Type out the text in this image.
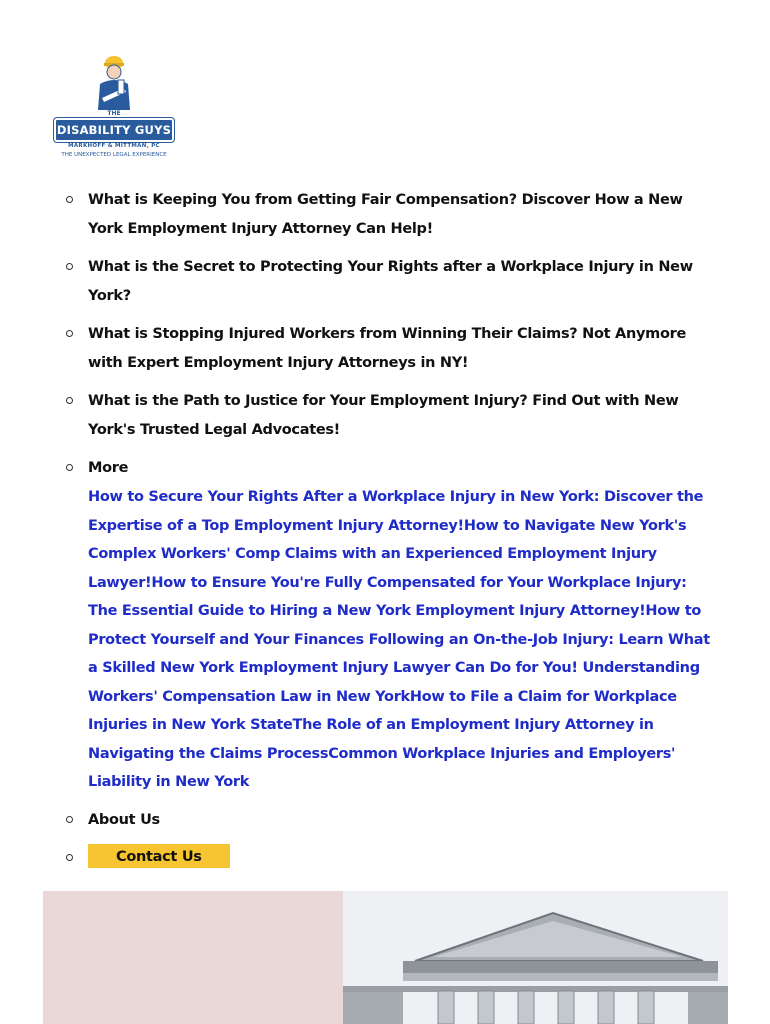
THE
DISABILITY GUYS
MARKHOFF & MITTMAN, PC
THE UNEXPECTED LEGAL EXPERIENCE
What is Keeping You from Getting Fair Compensation? Discover How a New York Employment Injury Attorney Can Help!
What is the Secret to Protecting Your Rights after a Workplace Injury in New York?
What is Stopping Injured Workers from Winning Their Claims? Not Anymore with Expert Employment Injury Attorneys in NY!
What is the Path to Justice for Your Employment Injury? Find Out with New York's Trusted Legal Advocates!
More
How to Secure Your Rights After a Workplace Injury in New York: Discover the Expertise of a Top Employment Injury Attorney!How to Navigate New York's Complex Workers' Comp Claims with an Experienced Employment Injury Lawyer!How to Ensure You're Fully Compensated for Your Workplace Injury: The Essential Guide to Hiring a New York Employment Injury Attorney!How to Protect Yourself and Your Finances Following an On-the-Job Injury: Learn What a Skilled New York Employment Injury Lawyer Can Do for You! Understanding Workers' Compensation Law in New YorkHow to File a Claim for Workplace Injuries in New York StateThe Role of an Employment Injury Attorney in Navigating the Claims ProcessCommon Workplace Injuries and Employers' Liability in New York
About Us
Contact Us
